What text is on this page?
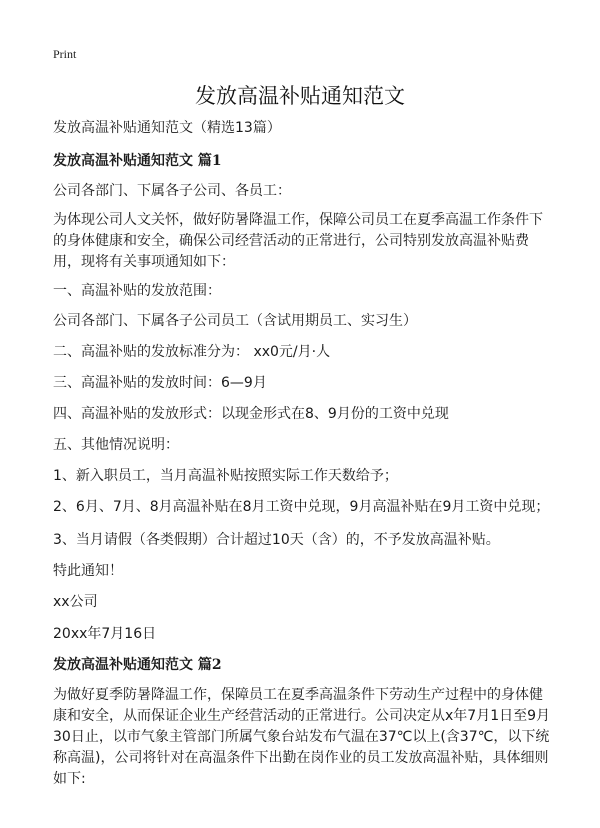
Print
发放高温补贴通知范文
发放高温补贴通知范文（精选13篇）
发放高温补贴通知范文 篇1
公司各部门、下属各子公司、各员工：
为体现公司人文关怀，做好防暑降温工作，保障公司员工在夏季高温工作条件下的身体健康和安全，确保公司经营活动的正常进行，公司特别发放高温补贴费用，现将有关事项通知如下：
一、高温补贴的发放范围：
公司各部门、下属各子公司员工（含试用期员工、实习生）
二、高温补贴的发放标准分为： xx0元/月·人
三、高温补贴的发放时间：6—9月
四、高温补贴的发放形式：以现金形式在8、9月份的工资中兑现
五、其他情况说明：
1、新入职员工，当月高温补贴按照实际工作天数给予；
2、6月、7月、8月高温补贴在8月工资中兑现，9月高温补贴在9月工资中兑现；
3、当月请假（各类假期）合计超过10天（含）的，不予发放高温补贴。
特此通知！
xx公司
20xx年7月16日
发放高温补贴通知范文 篇2
为做好夏季防暑降温工作，保障员工在夏季高温条件下劳动生产过程中的身体健康和安全，从而保证企业生产经营活动的正常进行。公司决定从x年7月1日至9月30日止，以市气象主管部门所属气象台站发布气温在37℃以上(含37℃，以下统称高温)，公司将针对在高温条件下出勤在岗作业的员工发放高温补贴，具体细则如下:
